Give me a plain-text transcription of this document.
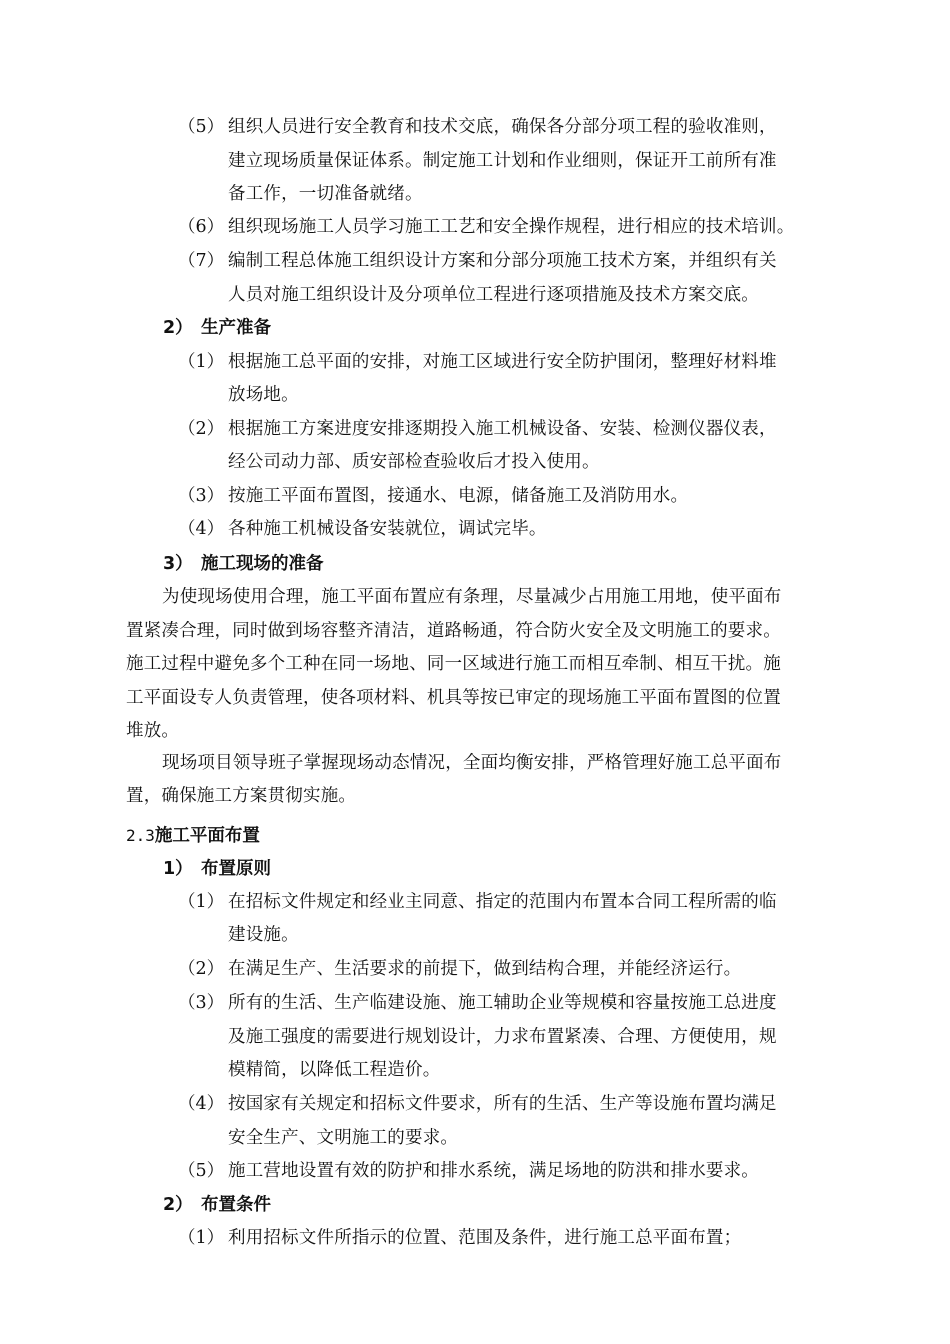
（5） 组织人员进行安全教育和技术交底，确保各分部分项工程的验收准则，
建立现场质量保证体系。制定施工计划和作业细则，保证开工前所有准
备工作，一切准备就绪。
（6） 组织现场施工人员学习施工工艺和安全操作规程，进行相应的技术培训。
（7） 编制工程总体施工组织设计方案和分部分项施工技术方案，并组织有关
人员对施工组织设计及分项单位工程进行逐项措施及技术方案交底。
2） 生产准备
（1） 根据施工总平面的安排，对施工区域进行安全防护围闭，整理好材料堆
放场地。
（2） 根据施工方案进度安排逐期投入施工机械设备、安装、检测仪器仪表，
经公司动力部、质安部检查验收后才投入使用。
（3） 按施工平面布置图，接通水、电源，储备施工及消防用水。
（4） 各种施工机械设备安装就位，调试完毕。
3） 施工现场的准备
为使现场使用合理，施工平面布置应有条理，尽量减少占用施工用地，使平面布
置紧凑合理，同时做到场容整齐清洁，道路畅通，符合防火安全及文明施工的要求。
施工过程中避免多个工种在同一场地、同一区域进行施工而相互牵制、相互干扰。施
工平面设专人负责管理，使各项材料、机具等按已审定的现场施工平面布置图的位置
堆放。
现场项目领导班子掌握现场动态情况，全面均衡安排，严格管理好施工总平面布
置，确保施工方案贯彻实施。
2.3施工平面布置
1） 布置原则
（1） 在招标文件规定和经业主同意、指定的范围内布置本合同工程所需的临
建设施。
（2） 在满足生产、生活要求的前提下，做到结构合理，并能经济运行。
（3） 所有的生活、生产临建设施、施工辅助企业等规模和容量按施工总进度
及施工强度的需要进行规划设计，力求布置紧凑、合理、方便使用，规
模精简，以降低工程造价。
（4） 按国家有关规定和招标文件要求，所有的生活、生产等设施布置均满足
安全生产、文明施工的要求。
（5） 施工营地设置有效的防护和排水系统，满足场地的防洪和排水要求。
2） 布置条件
（1） 利用招标文件所指示的位置、范围及条件，进行施工总平面布置；
